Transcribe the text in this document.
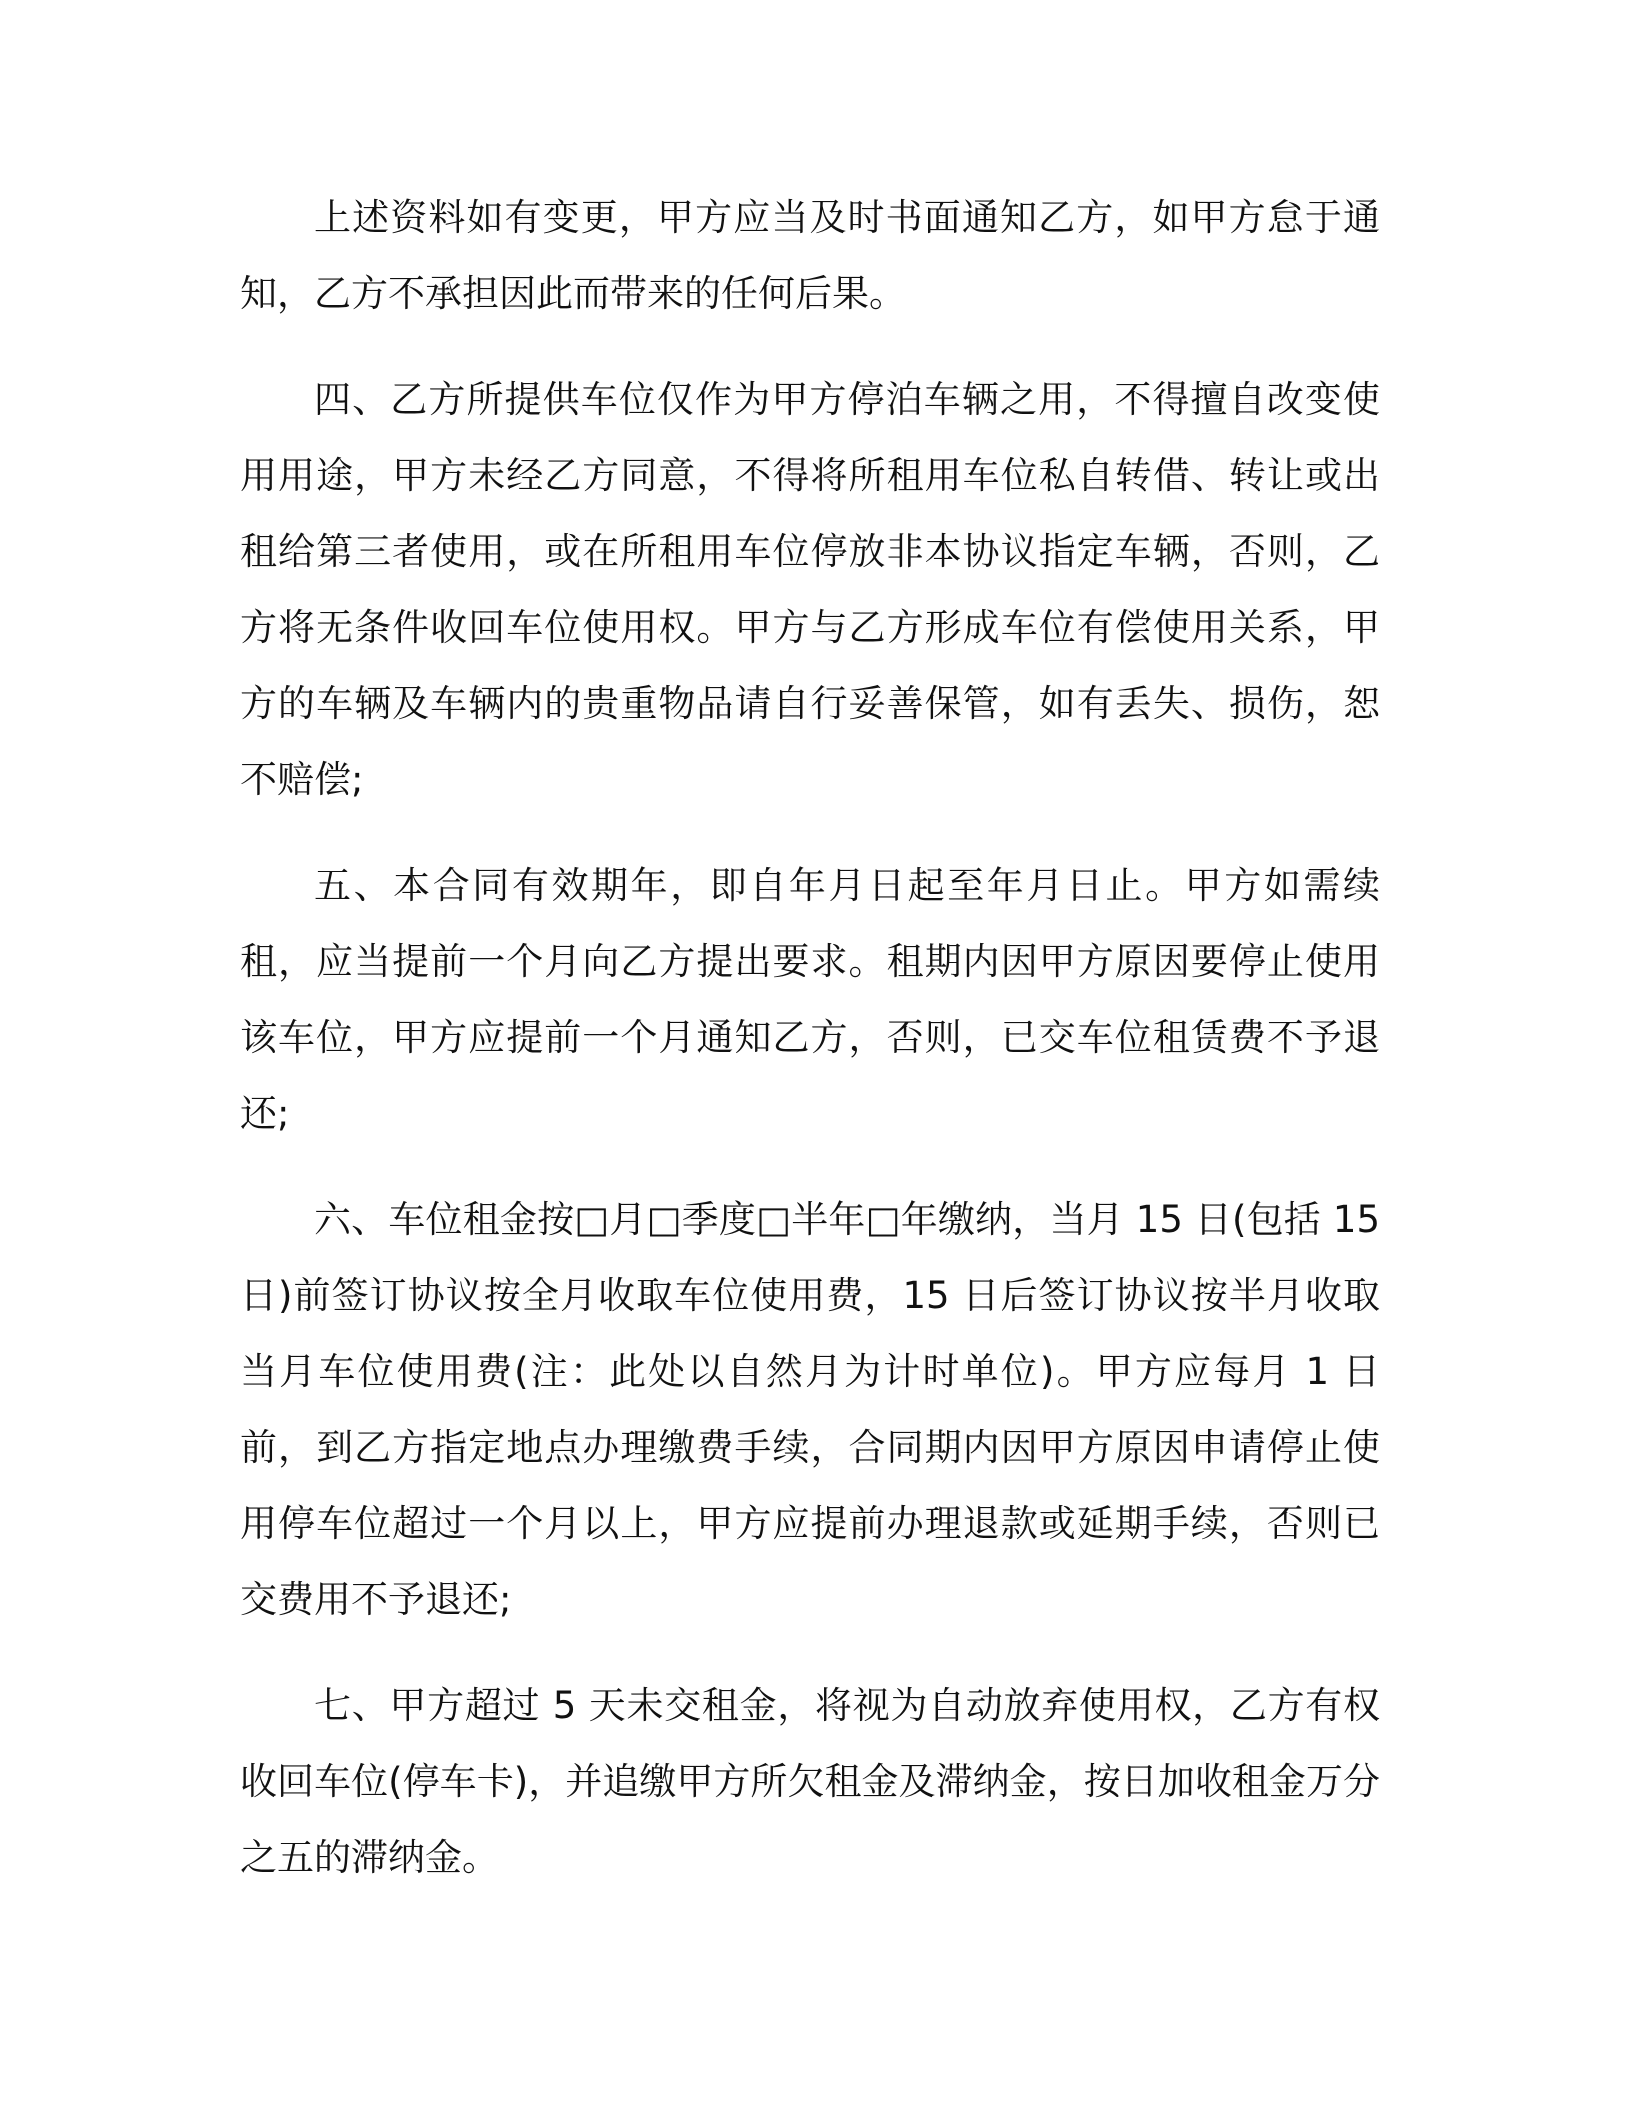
上述资料如有变更，甲方应当及时书面通知乙方，如甲方怠于通知，乙方不承担因此而带来的任何后果。

四、乙方所提供车位仅作为甲方停泊车辆之用，不得擅自改变使用用途，甲方未经乙方同意，不得将所租用车位私自转借、转让或出租给第三者使用，或在所租用车位停放非本协议指定车辆，否则，乙方将无条件收回车位使用权。甲方与乙方形成车位有偿使用关系，甲方的车辆及车辆内的贵重物品请自行妥善保管，如有丢失、损伤，恕不赔偿;

五、本合同有效期年，即自年月日起至年月日止。甲方如需续租，应当提前一个月向乙方提出要求。租期内因甲方原因要停止使用该车位，甲方应提前一个月通知乙方，否则，已交车位租赁费不予退还;

六、车位租金按□月□季度□半年□年缴纳，当月 15 日(包括 15 日)前签订协议按全月收取车位使用费，15 日后签订协议按半月收取当月车位使用费(注：此处以自然月为计时单位)。甲方应每月 1 日前，到乙方指定地点办理缴费手续，合同期内因甲方原因申请停止使用停车位超过一个月以上，甲方应提前办理退款或延期手续，否则已交费用不予退还;

七、甲方超过 5 天未交租金，将视为自动放弃使用权，乙方有权收回车位(停车卡)，并追缴甲方所欠租金及滞纳金，按日加收租金万分之五的滞纳金。
